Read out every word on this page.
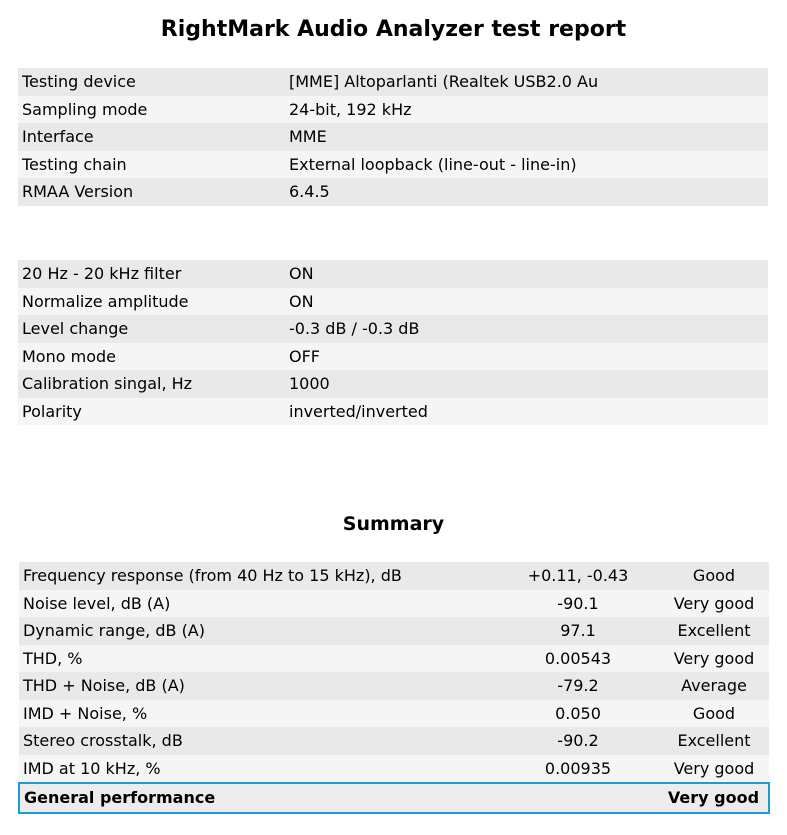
RightMark Audio Analyzer test report
Testing device	[MME] Altoparlanti (Realtek USB2.0 Au
Sampling mode	24-bit, 192 kHz
Interface	MME
Testing chain	External loopback (line-out - line-in)
RMAA Version	6.4.5
20 Hz - 20 kHz filter	ON
Normalize amplitude	ON
Level change	-0.3 dB / -0.3 dB
Mono mode	OFF
Calibration singal, Hz	1000
Polarity	inverted/inverted
Summary
Frequency response (from 40 Hz to 15 kHz), dB	+0.11, -0.43	Good
Noise level, dB (A)	-90.1	Very good
Dynamic range, dB (A)	97.1	Excellent
THD, %	0.00543	Very good
THD + Noise, dB (A)	-79.2	Average
IMD + Noise, %	0.050	Good
Stereo crosstalk, dB	-90.2	Excellent
IMD at 10 kHz, %	0.00935	Very good
General performance		Very good
